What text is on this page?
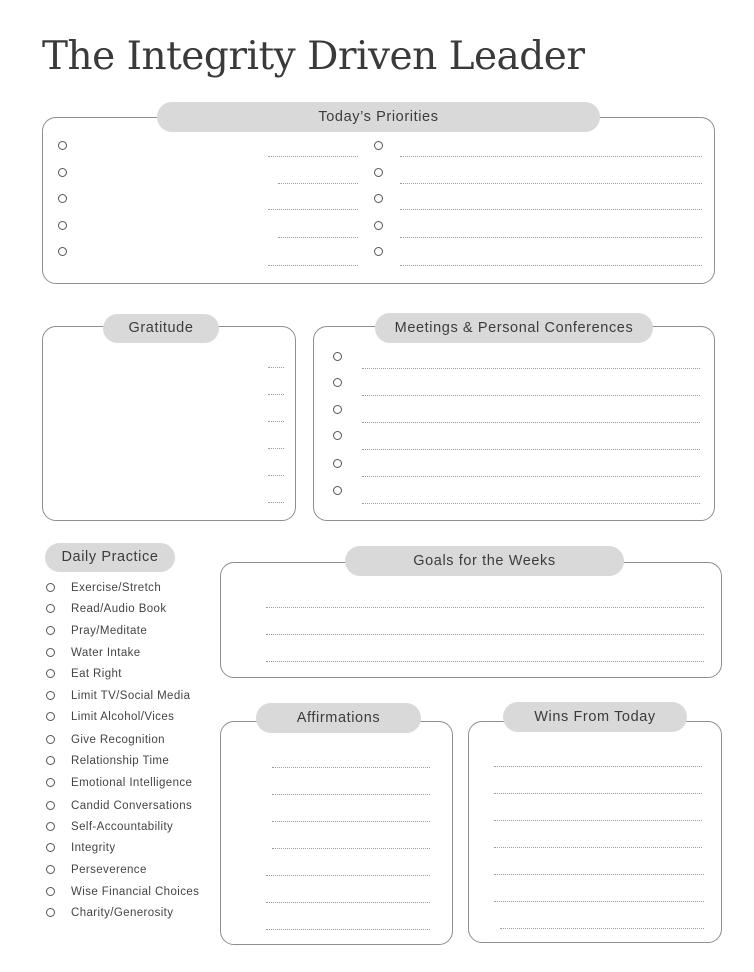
The Integrity Driven Leader
Today’s Priorities
Gratitude	Meetings & Personal Conferences
Daily Practice
Exercise/Stretch
Read/Audio Book
Pray/Meditate
Water Intake
Eat Right
Limit TV/Social Media
Limit Alcohol/Vices
Give Recognition
Relationship Time
Emotional Intelligence
Candid Conversations
Self-Accountability
Integrity
Perseverence
Wise Financial Choices
Charity/Generosity
Goals for the Weeks
Affirmations	Wins From Today
